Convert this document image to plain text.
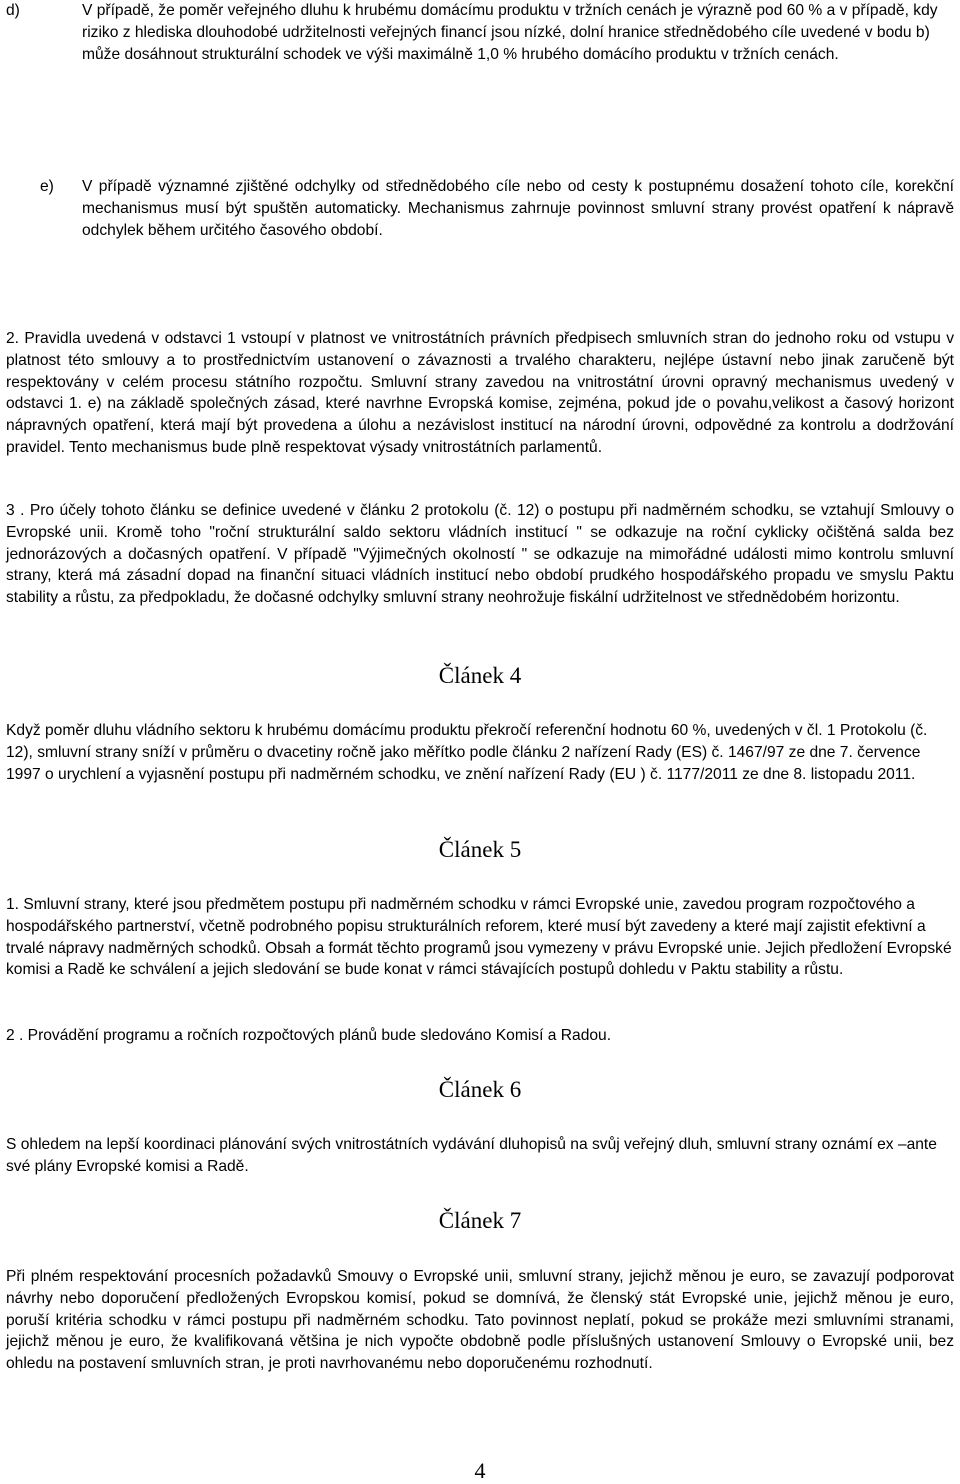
d)	V případě, že poměr veřejného dluhu k hrubému domácímu produktu v tržních cenách je výrazně pod 60 % a v případě, kdy riziko z hlediska dlouhodobé udržitelnosti veřejných financí jsou nízké, dolní hranice střednědobého cíle uvedené v bodu b) může dosáhnout strukturální schodek ve výši maximálně 1,0 % hrubého domácího produktu v tržních cenách.

e) V případě významné zjištěné odchylky od střednědobého cíle nebo od cesty k postupnému dosažení tohoto cíle, korekční mechanismus musí být spuštěn automaticky. Mechanismus zahrnuje povinnost smluvní strany provést opatření k nápravě odchylek během určitého časového období.

2. Pravidla uvedená v odstavci 1 vstoupí v platnost ve vnitrostátních právních předpisech smluvních stran do jednoho roku od vstupu v platnost této smlouvy a to prostřednictvím ustanovení o závaznosti a trvalého charakteru, nejlépe ústavní nebo jinak zaručeně být respektovány v celém procesu státního rozpočtu. Smluvní strany zavedou na vnitrostátní úrovni opravný mechanismus uvedený v odstavci 1. e) na základě společných zásad, které navrhne Evropská komise, zejména, pokud jde o povahu,velikost a časový horizont nápravných opatření, která mají být provedena a úlohu a nezávislost institucí na národní úrovni, odpovědné za kontrolu a dodržování pravidel. Tento mechanismus bude plně respektovat výsady vnitrostátních parlamentů.

3 . Pro účely tohoto článku se definice uvedené v článku 2 protokolu (č. 12) o postupu při nadměrném schodku, se vztahují Smlouvy o Evropské unii. Kromě toho "roční strukturální saldo sektoru vládních institucí " se odkazuje na roční cyklicky očištěná salda bez jednorázových a dočasných opatření. V případě "Výjimečných okolností " se odkazuje na mimořádné události mimo kontrolu smluvní strany, která má zásadní dopad na finanční situaci vládních institucí nebo období prudkého hospodářského propadu ve smyslu Paktu stability a růstu, za předpokladu, že dočasné odchylky smluvní strany neohrožuje fiskální udržitelnost ve střednědobém horizontu.

Článek 4

Když poměr dluhu vládního sektoru k hrubému domácímu produktu překročí referenční hodnotu 60 %, uvedených v čl. 1 Protokolu (č. 12), smluvní strany sníží v průměru o dvacetiny ročně jako měřítko podle článku 2 nařízení Rady (ES) č. 1467/97 ze dne 7. července 1997 o urychlení a vyjasnění postupu při nadměrném schodku, ve znění nařízení Rady (EU ) č. 1177/2011 ze dne 8. listopadu 2011.

Článek 5

1. Smluvní strany, které jsou předmětem postupu při nadměrném schodku v rámci Evropské unie, zavedou program rozpočtového a hospodářského partnerství, včetně podrobného popisu strukturálních reforem, které musí být zavedeny a které mají zajistit efektivní a trvalé nápravy nadměrných schodků. Obsah a formát těchto programů jsou vymezeny v právu Evropské unie. Jejich předložení Evropské komisi a Radě ke schválení a jejich sledování se bude konat v rámci stávajících postupů dohledu v Paktu stability a růstu.

2 . Provádění programu a ročních rozpočtových plánů bude sledováno Komisí a Radou.

Článek 6

S ohledem na lepší koordinaci plánování svých vnitrostátních vydávání dluhopisů na svůj veřejný dluh, smluvní strany oznámí ex –ante své plány Evropské komisi a Radě.

Článek 7

Při plném respektování procesních požadavků Smouvy o Evropské unii, smluvní strany, jejichž měnou je euro, se zavazují podporovat návrhy nebo doporučení předložených Evropskou komisí, pokud se domnívá, že členský stát Evropské unie, jejichž měnou je euro, poruší kritéria schodku v rámci postupu při nadměrném schodku. Tato povinnost neplatí, pokud se prokáže mezi smluvními stranami, jejichž měnou je euro, že kvalifikovaná většina je nich vypočte obdobně podle příslušných ustanovení Smlouvy o Evropské unii, bez ohledu na postavení smluvních stran, je proti navrhovanému nebo doporučenému rozhodnutí.

4
